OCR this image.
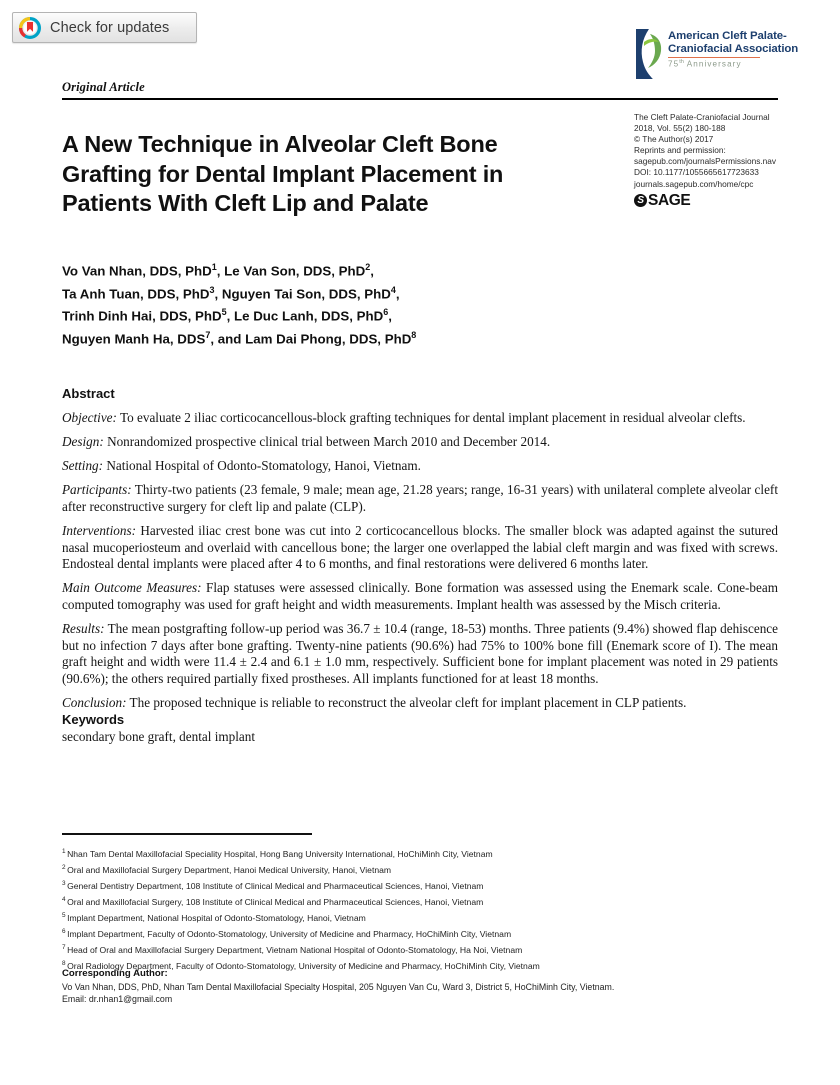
Check for updates
American Cleft Palate-
Craniofacial Association
75th Anniversary
Original Article
The Cleft Palate-Craniofacial Journal
2018, Vol. 55(2) 180-188
© The Author(s) 2017
Reprints and permission:
sagepub.com/journalsPermissions.nav
DOI: 10.1177/1055665617723633
journals.sagepub.com/home/cpc
S SAGE
A New Technique in Alveolar Cleft Bone Grafting for Dental Implant Placement in Patients With Cleft Lip and Palate
Vo Van Nhan, DDS, PhD$^1$, Le Van Son, DDS, PhD$^2$,
Ta Anh Tuan, DDS, PhD$^3$, Nguyen Tai Son, DDS, PhD$^4$,
Trinh Dinh Hai, DDS, PhD$^5$, Le Duc Lanh, DDS, PhD$^6$,
Nguyen Manh Ha, DDS$^7$, and Lam Dai Phong, DDS, PhD$^8$
Abstract

Objective: To evaluate 2 iliac corticocancellous-block grafting techniques for dental implant placement in residual alveolar clefts.

Design: Nonrandomized prospective clinical trial between March 2010 and December 2014.

Setting: National Hospital of Odonto-Stomatology, Hanoi, Vietnam.

Participants: Thirty-two patients (23 female, 9 male; mean age, 21.28 years; range, 16-31 years) with unilateral complete alveolar cleft after reconstructive surgery for cleft lip and palate (CLP).

Interventions: Harvested iliac crest bone was cut into 2 corticocancellous blocks. The smaller block was adapted against the sutured nasal mucoperiosteum and overlaid with cancellous bone; the larger one overlapped the labial cleft margin and was fixed with screws. Endosteal dental implants were placed after 4 to 6 months, and final restorations were delivered 6 months later.

Main Outcome Measures: Flap statuses were assessed clinically. Bone formation was assessed using the Enemark scale. Cone-beam computed tomography was used for graft height and width measurements. Implant health was assessed by the Misch criteria.

Results: The mean postgrafting follow-up period was 36.7 ± 10.4 (range, 18-53) months. Three patients (9.4%) showed flap dehiscence but no infection 7 days after bone grafting. Twenty-nine patients (90.6%) had 75% to 100% bone fill (Enemark score of I). The mean graft height and width were 11.4 ± 2.4 and 6.1 ± 1.0 mm, respectively. Sufficient bone for implant placement was noted in 29 patients (90.6%); the others required partially fixed prostheses. All implants functioned for at least 18 months.

Conclusion: The proposed technique is reliable to reconstruct the alveolar cleft for implant placement in CLP patients.

Keywords
secondary bone graft, dental implant
$^1$ Nhan Tam Dental Maxillofacial Speciality Hospital, Hong Bang University International, HoChiMinh City, Vietnam
$^2$ Oral and Maxillofacial Surgery Department, Hanoi Medical University, Hanoi, Vietnam
$^3$ General Dentistry Department, 108 Institute of Clinical Medical and Pharmaceutical Sciences, Hanoi, Vietnam
$^4$ Oral and Maxillofacial Surgery, 108 Institute of Clinical Medical and Pharmaceutical Sciences, Hanoi, Vietnam
$^5$ Implant Department, National Hospital of Odonto-Stomatology, Hanoi, Vietnam
$^6$ Implant Department, Faculty of Odonto-Stomatology, University of Medicine and Pharmacy, HoChiMinh City, Vietnam
$^7$ Head of Oral and Maxillofacial Surgery Department, Vietnam National Hospital of Odonto-Stomatology, Ha Noi, Vietnam
$^8$ Oral Radiology Department, Faculty of Odonto-Stomatology, University of Medicine and Pharmacy, HoChiMinh City, Vietnam
Corresponding Author:
Vo Van Nhan, DDS, PhD, Nhan Tam Dental Maxillofacial Specialty Hospital, 205 Nguyen Van Cu, Ward 3, District 5, HoChiMinh City, Vietnam.
Email: dr.nhan1@gmail.com
